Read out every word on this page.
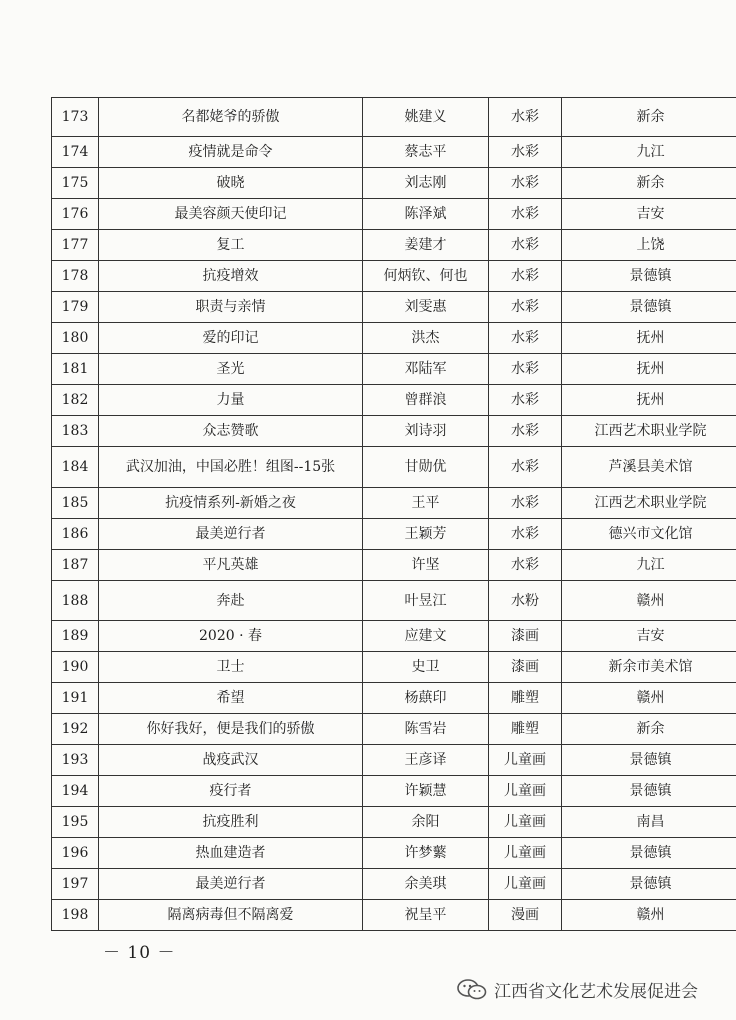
173	名都姥爷的骄傲	姚建义	水彩	新余
174	疫情就是命令	蔡志平	水彩	九江
175	破晓	刘志刚	水彩	新余
176	最美容颜天使印记	陈泽斌	水彩	吉安
177	复工	姜建才	水彩	上饶
178	抗疫增效	何炳钦、何也	水彩	景德镇
179	职责与亲情	刘雯惠	水彩	景德镇
180	爱的印记	洪杰	水彩	抚州
181	圣光	邓陆军	水彩	抚州
182	力量	曾群浪	水彩	抚州
183	众志赞歌	刘诗羽	水彩	江西艺术职业学院
184	武汉加油，中国必胜！组图--15张	甘勋优	水彩	芦溪县美术馆
185	抗疫情系列-新婚之夜	王平	水彩	江西艺术职业学院
186	最美逆行者	王颖芳	水彩	德兴市文化馆
187	平凡英雄	许坚	水彩	九江
188	奔赴	叶昱江	水粉	赣州
189	2020 · 春	应建文	漆画	吉安
190	卫士	史卫	漆画	新余市美术馆
191	希望	杨蕻印	雕塑	赣州
192	你好我好，便是我们的骄傲	陈雪岩	雕塑	新余
193	战疫武汉	王彦译	儿童画	景德镇
194	疫行者	许颖慧	儿童画	景德镇
195	抗疫胜利	余阳	儿童画	南昌
196	热血建造者	许梦蘩	儿童画	景德镇
197	最美逆行者	余美琪	儿童画	景德镇
198	隔离病毒但不隔离爱	祝呈平	漫画	赣州
－ 10 －
江西省文化艺术发展促进会
